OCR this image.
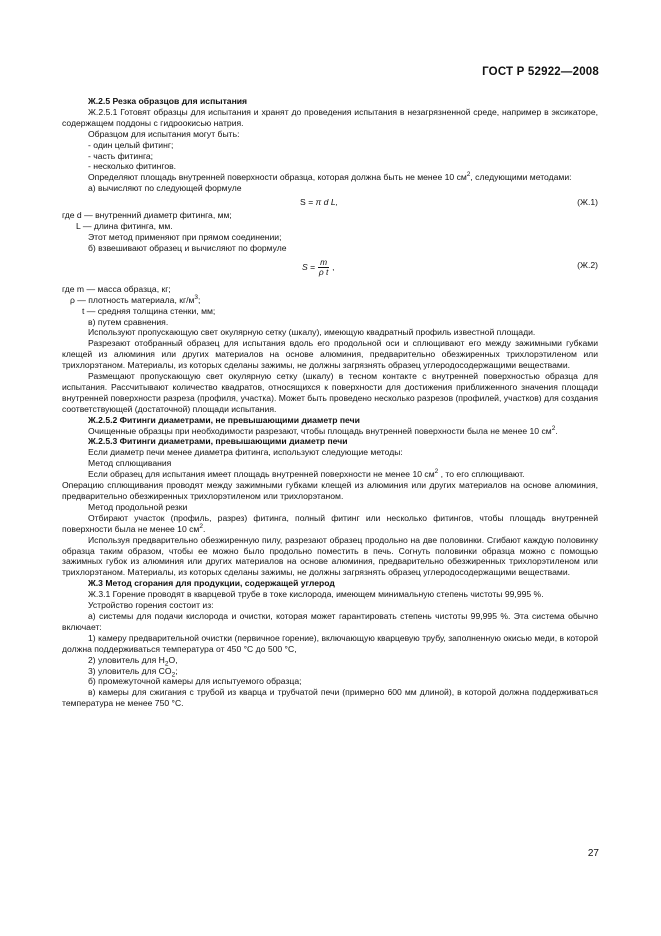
ГОСТ Р 52922—2008

Ж.2.5 Резка образцов для испытания

Ж.2.5.1 Готовят образцы для испытания и хранят до проведения испытания в незагрязненной среде, например в эксикаторе, содержащем поддоны с гидроокисью натрия.

Образцом для испытания могут быть:

- один целый фитинг;

- часть фитинга;

- несколько фитингов.

Определяют площадь внутренней поверхности образца, которая должна быть не менее 10 $см^2$, следующими методами:

а) вычисляют по следующей формуле

S = π d L,	(Ж.1)

где d — внутренний диаметр фитинга, мм;

L — длина фитинга, мм.

Этот метод применяют при прямом соединении;

б) взвешивают образец и вычисляют по формуле

S
= $\frac{m}{\text{ρ t}}$ ,	(Ж.2)

где m — масса образца, кг;

ρ — плотность материала, $кг/м^3$;

t — средняя толщина стенки, мм;

в) путем сравнения.

Используют пропускающую свет окулярную сетку (шкалу), имеющую квадратный профиль известной площади.

Разрезают отобранный образец для испытания вдоль его продольной оси и сплющивают его между зажимными губками клещей из алюминия или других материалов на основе алюминия, предварительно обезжиренных трихлорэтиленом или трихлорэтаном. Материалы, из которых сделаны зажимы, не должны загрязнять образец углеродосодержащими веществами.

Размещают пропускающую свет окулярную сетку (шкалу) в тесном контакте с внутренней поверхностью образца для испытания. Рассчитывают количество квадратов, относящихся к поверхности для достижения приближенного значения площади внутренней поверхности разреза (профиля, участка). Может быть проведено несколько разрезов (профилей, участков) для создания соответствующей (достаточной) площади испытания.

Ж.2.5.2 Фитинги диаметрами, не превышающими диаметр печи

Очищенные образцы при необходимости разрезают, чтобы площадь внутренней поверхности была не менее 10 $см^2$.

Ж.2.5.3 Фитинги диаметрами, превышающими диаметр печи

Если диаметр печи менее диаметра фитинга, используют следующие методы:

Метод сплющивания

Если образец для испытания имеет площадь внутренней поверхности не менее 10 $см^2$ , то его сплющивают.

Операцию сплющивания проводят между зажимными губками клещей из алюминия или других материалов на основе алюминия, предварительно обезжиренных трихлорэтиленом или трихлорэтаном.

Метод продольной резки

Отбирают участок (профиль, разрез) фитинга, полный фитинг или несколько фитингов, чтобы площадь внутренней поверхности была не менее 10 $см^2$.

Используя предварительно обезжиренную пилу, разрезают образец продольно на две половинки. Сгибают каждую половинку образца таким образом, чтобы ее можно было продольно поместить в печь. Согнуть половинки образца можно с помощью зажимных губок из алюминия или других материалов на основе алюминия, предварительно обезжиренных трихлорэтиленом или трихлорэтаном. Материалы, из которых сделаны зажимы, не должны загрязнять образец углеродосодержащими веществами.

Ж.3 Метод сгорания для продукции, содержащей углерод

Ж.3.1 Горение проводят в кварцевой трубе в токе кислорода, имеющем минимальную степень чистоты 99,995 %.

Устройство горения состоит из:

а) системы для подачи кислорода и очистки, которая может гарантировать степень чистоты 99,995 %. Эта система обычно включает:

1) камеру предварительной очистки (первичное горение), включающую кварцевую трубу, заполненную окисью меди, в которой должна поддерживаться температура от 450 °С до 500 °С,

2) уловитель для $H_2O$,

3) уловитель для $CO_2$;

б) промежуточной камеры для испытуемого образца;

в) камеры для сжигания с трубой из кварца и трубчатой печи (примерно 600 мм длиной), в которой должна поддерживаться температура не менее 750 °С.

27
